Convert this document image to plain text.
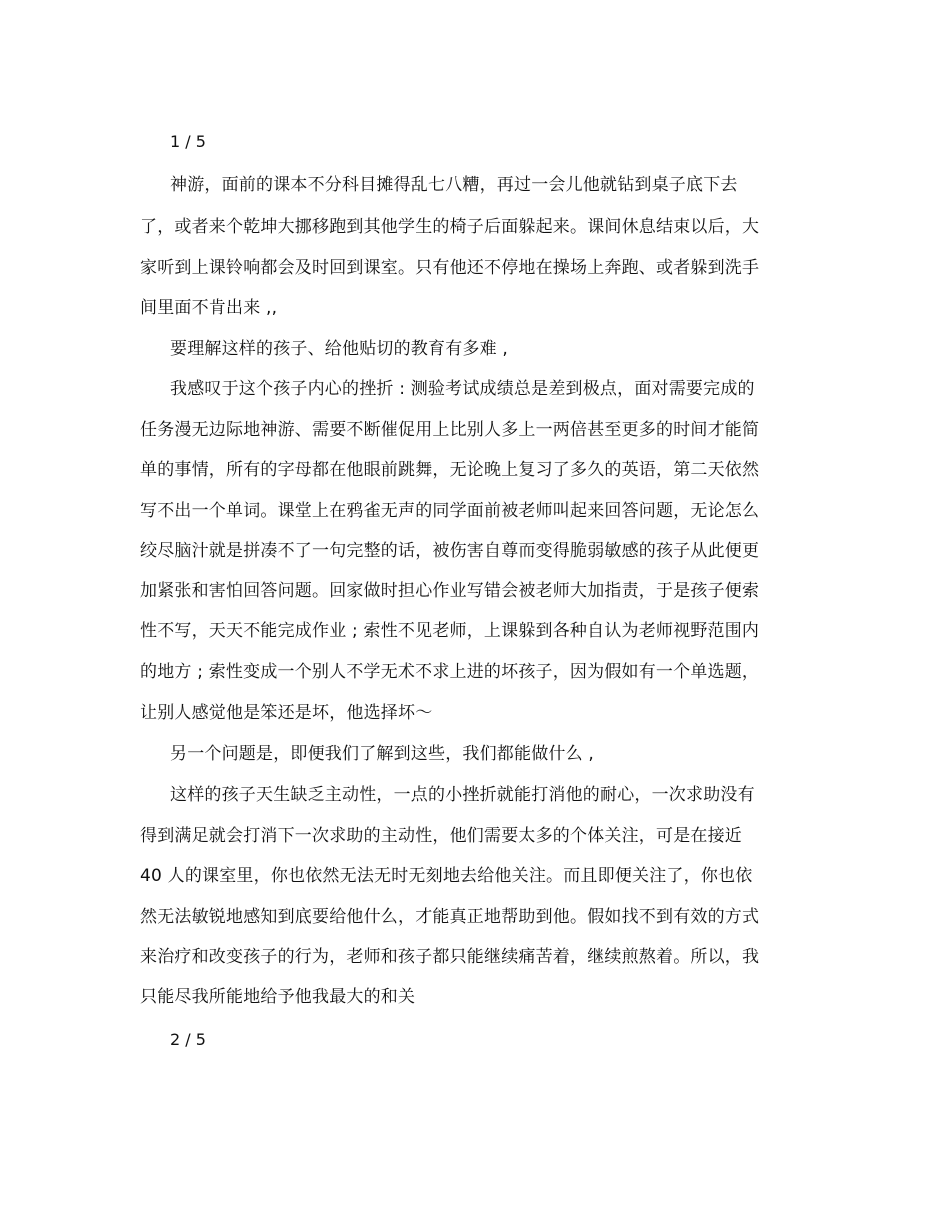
1 / 5
神游，面前的课本不分科目摊得乱七八糟，再过一会儿他就钻到桌子底下去
了，或者来个乾坤大挪移跑到其他学生的椅子后面躲起来。课间休息结束以后，大
家听到上课铃响都会及时回到课室。只有他还不停地在操场上奔跑、或者躲到洗手
间里面不肯出来 ,,
要理解这样的孩子、给他贴切的教育有多难 ,
我感叹于这个孩子内心的挫折 : 测验考试成绩总是差到极点，面对需要完成的
任务漫无边际地神游、需要不断催促用上比别人多上一两倍甚至更多的时间才能简
单的事情，所有的字母都在他眼前跳舞，无论晚上复习了多久的英语，第二天依然
写不出一个单词。课堂上在鸦雀无声的同学面前被老师叫起来回答问题，无论怎么
绞尽脑汁就是拼凑不了一句完整的话，被伤害自尊而变得脆弱敏感的孩子从此便更
加紧张和害怕回答问题。回家做时担心作业写错会被老师大加指责，于是孩子便索
性不写，天天不能完成作业 ; 索性不见老师，上课躲到各种自认为老师视野范围内
的地方 ; 索性变成一个别人不学无术不求上进的坏孩子，因为假如有一个单选题，
让别人感觉他是笨还是坏，他选择坏～
另一个问题是，即便我们了解到这些，我们都能做什么 ,
这样的孩子天生缺乏主动性，一点的小挫折就能打消他的耐心，一次求助没有
得到满足就会打消下一次求助的主动性，他们需要太多的个体关注，可是在接近
40 人的课室里，你也依然无法无时无刻地去给他关注。而且即便关注了，你也依
然无法敏锐地感知到底要给他什么，才能真正地帮助到他。假如找不到有效的方式
来治疗和改变孩子的行为，老师和孩子都只能继续痛苦着，继续煎熬着。所以，我
只能尽我所能地给予他我最大的和关
2 / 5
